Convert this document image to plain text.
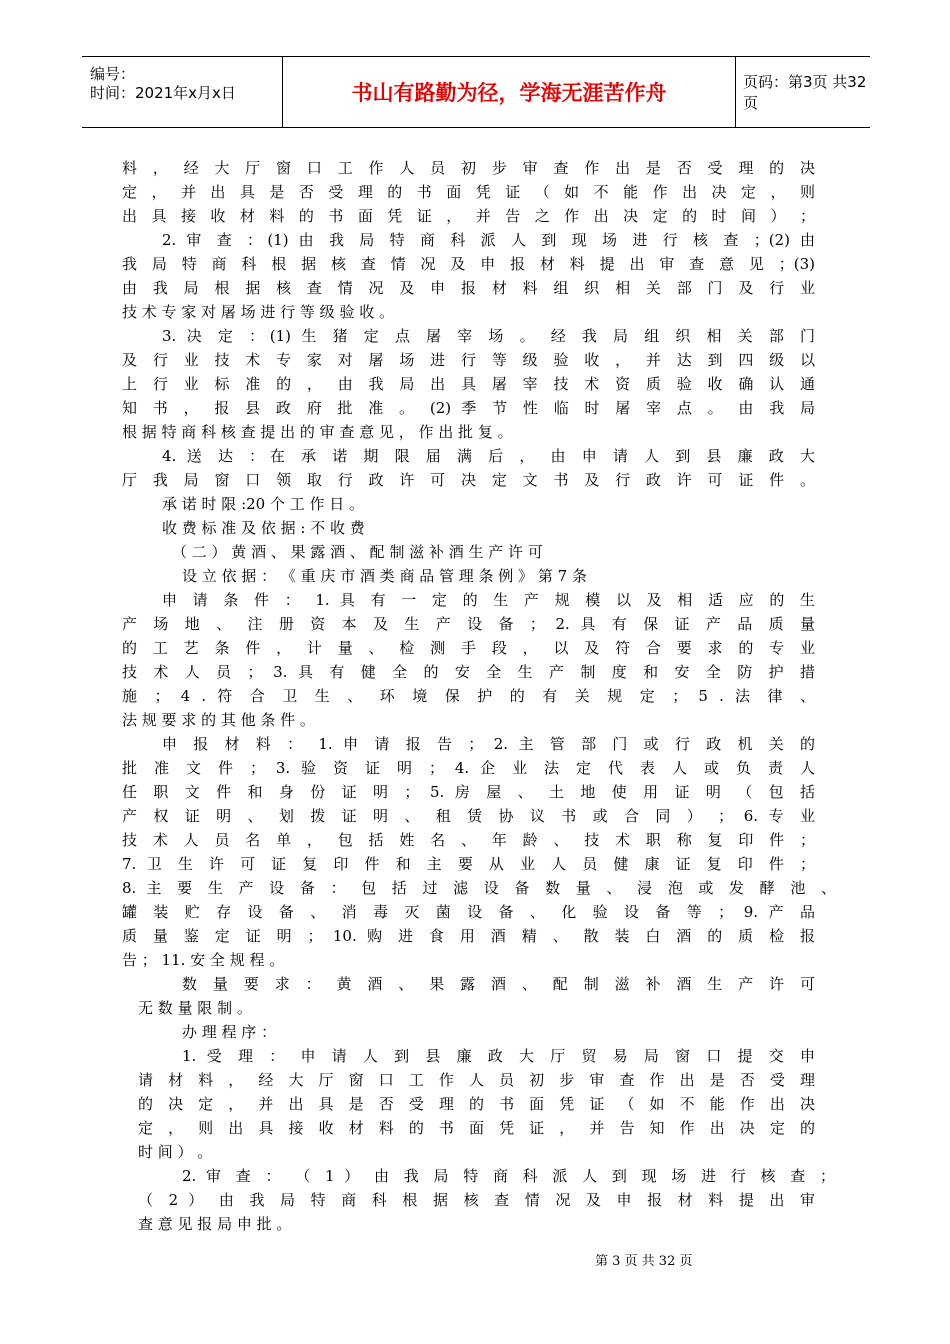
编号：
时间：2021年x月x日	书山有路勤为径，学海无涯苦作舟	页码：第3页 共32页
料 ， 经 大 厅 窗 口 工 作 人 员 初 步 审 查 作 出 是 否 受 理 的 决
定 ， 并 出 具 是 否 受 理 的 书 面 凭 证 （ 如 不 能 作 出 决 定 ， 则
出 具 接 收 材 料 的 书 面 凭 证 ， 并 告 之 作 出 决 定 的 时 间 ） ；
2. 审 查 ：(1) 由 我 局 特 商 科 派 人 到 现 场 进 行 核 查 ；(2) 由
我 局 特 商 科 根 据 核 查 情 况 及 申 报 材 料 提 出 审 查 意 见 ；(3)
由 我 局 根 据 核 查 情 况 及 申 报 材 料 组 织 相 关 部 门 及 行 业
技 术 专 家 对 屠 场 进 行 等 级 验 收 。
3. 决 定 ：(1) 生 猪 定 点 屠 宰 场 。 经 我 局 组 织 相 关 部 门
及 行 业 技 术 专 家 对 屠 场 进 行 等 级 验 收 ， 并 达 到 四 级 以
上 行 业 标 准 的 ， 由 我 局 出 具 屠 宰 技 术 资 质 验 收 确 认 通
知 书 ， 报 县 政 府 批 准 。 (2) 季 节 性 临 时 屠 宰 点 。 由 我 局
根 据 特 商 科 核 查 提 出 的 审 查 意 见 ， 作 出 批 复 。
4. 送 达 ：在 承 诺 期 限 届 满 后 ， 由 申 请 人 到 县 廉 政 大
厅 我 局 窗 口 领 取 行 政 许 可 决 定 文 书 及 行 政 许 可 证 件 。
承 诺 时 限 :20 个 工 作 日 。
收 费 标 准 及 依 据 : 不 收 费
（ 二 ） 黄 酒 、 果 露 酒 、 配 制 滋 补 酒 生 产 许 可
设 立 依 据 ： 《 重 庆 市 酒 类 商 品 管 理 条 例 》 第 7 条
申 请 条 件 ： 1. 具 有 一 定 的 生 产 规 模 以 及 相 适 应 的 生
产 场 地 、 注 册 资 本 及 生 产 设 备 ； 2. 具 有 保 证 产 品 质 量
的 工 艺 条 件 ， 计 量 、 检 测 手 段 ， 以 及 符 合 要 求 的 专 业
技 术 人 员 ； 3. 具 有 健 全 的 安 全 生 产 制 度 和 安 全 防 护 措
施 ； 4 . 符 合 卫 生 、 环 境 保 护 的 有 关 规 定 ； 5 . 法 律 、
法 规 要 求 的 其 他 条 件 。
申 报 材 料 ： 1. 申 请 报 告 ； 2. 主 管 部 门 或 行 政 机 关 的
批 准 文 件 ； 3. 验 资 证 明 ； 4. 企 业 法 定 代 表 人 或 负 责 人
任 职 文 件 和 身 份 证 明 ； 5. 房 屋 、 土 地 使 用 证 明 （ 包 括
产 权 证 明 、 划 拨 证 明 、 租 赁 协 议 书 或 合 同 ） ； 6. 专 业
技 术 人 员 名 单 ， 包 括 姓 名 、 年 龄 、 技 术 职 称 复 印 件 ；
7. 卫 生 许 可 证 复 印 件 和 主 要 从 业 人 员 健 康 证 复 印 件 ；
8. 主 要 生 产 设 备 ： 包 括 过 滤 设 备 数 量 、 浸 泡 或 发 酵 池 、
罐 装 贮 存 设 备 、 消 毒 灭 菌 设 备 、 化 验 设 备 等 ； 9. 产 品
质 量 鉴 定 证 明 ； 10. 购 进 食 用 酒 精 、 散 装 白 酒 的 质 检 报
告 ； 11. 安 全 规 程 。
数 量 要 求 ： 黄 酒 、 果 露 酒 、 配 制 滋 补 酒 生 产 许 可
无 数 量 限 制 。
办 理 程 序 ：
1. 受 理 ： 申 请 人 到 县 廉 政 大 厅 贸 易 局 窗 口 提 交 申
请 材 料 ， 经 大 厅 窗 口 工 作 人 员 初 步 审 查 作 出 是 否 受 理
的 决 定 ， 并 出 具 是 否 受 理 的 书 面 凭 证 （ 如 不 能 作 出 决
定 ， 则 出 具 接 收 材 料 的 书 面 凭 证 ， 并 告 知 作 出 决 定 的
时 间 ） 。
2. 审 查 ： （ 1 ） 由 我 局 特 商 科 派 人 到 现 场 进 行 核 查 ；
（ 2 ） 由 我 局 特 商 科 根 据 核 查 情 况 及 申 报 材 料 提 出 审
查 意 见 报 局 申 批 。
第 3 页 共 32 页
